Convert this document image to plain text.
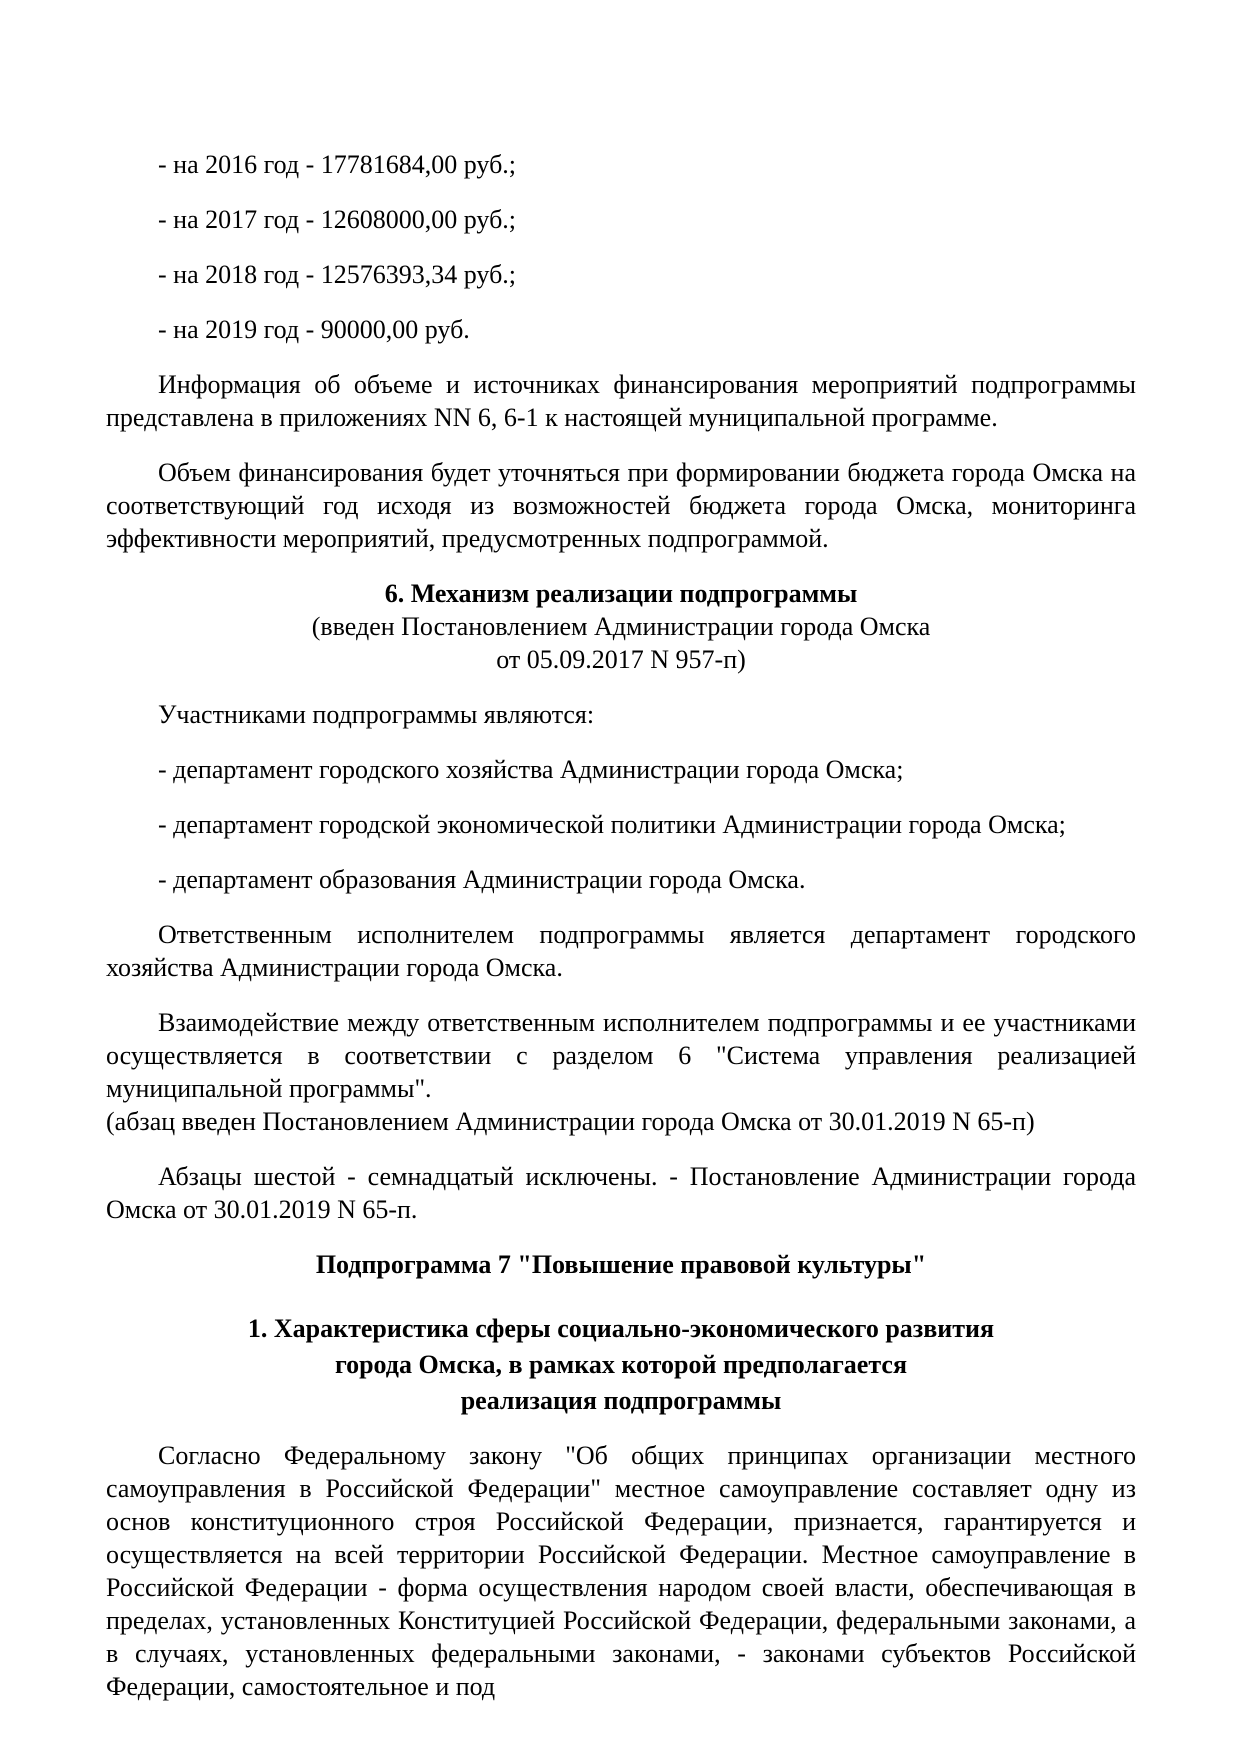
- на 2016 год - 17781684,00 руб.;

- на 2017 год - 12608000,00 руб.;

- на 2018 год - 12576393,34 руб.;

- на 2019 год - 90000,00 руб.

Информация об объеме и источниках финансирования мероприятий подпрограммы представлена в приложениях NN 6, 6-1 к настоящей муниципальной программе.

Объем финансирования будет уточняться при формировании бюджета города Омска на соответствующий год исходя из возможностей бюджета города Омска, мониторинга эффективности мероприятий, предусмотренных подпрограммой.

6. Механизм реализации подпрограммы
(введен Постановлением Администрации города Омска
от 05.09.2017 N 957-п)

Участниками подпрограммы являются:

- департамент городского хозяйства Администрации города Омска;

- департамент городской экономической политики Администрации города Омска;

- департамент образования Администрации города Омска.

Ответственным исполнителем подпрограммы является департамент городского хозяйства Администрации города Омска.

Взаимодействие между ответственным исполнителем подпрограммы и ее участниками осуществляется в соответствии с разделом 6 "Система управления реализацией муниципальной программы".

(абзац введен Постановлением Администрации города Омска от 30.01.2019 N 65-п)

Абзацы шестой - семнадцатый исключены. - Постановление Администрации города Омска от 30.01.2019 N 65-п.

Подпрограмма 7 "Повышение правовой культуры"
1. Характеристика сферы социально-экономического развития
города Омска, в рамках которой предполагается
реализация подпрограммы

Согласно Федеральному закону "Об общих принципах организации местного самоуправления в Российской Федерации" местное самоуправление составляет одну из основ конституционного строя Российской Федерации, признается, гарантируется и осуществляется на всей территории Российской Федерации. Местное самоуправление в Российской Федерации - форма осуществления народом своей власти, обеспечивающая в пределах, установленных Конституцией Российской Федерации, федеральными законами, а в случаях, установленных федеральными законами, - законами субъектов Российской Федерации, самостоятельное и под
